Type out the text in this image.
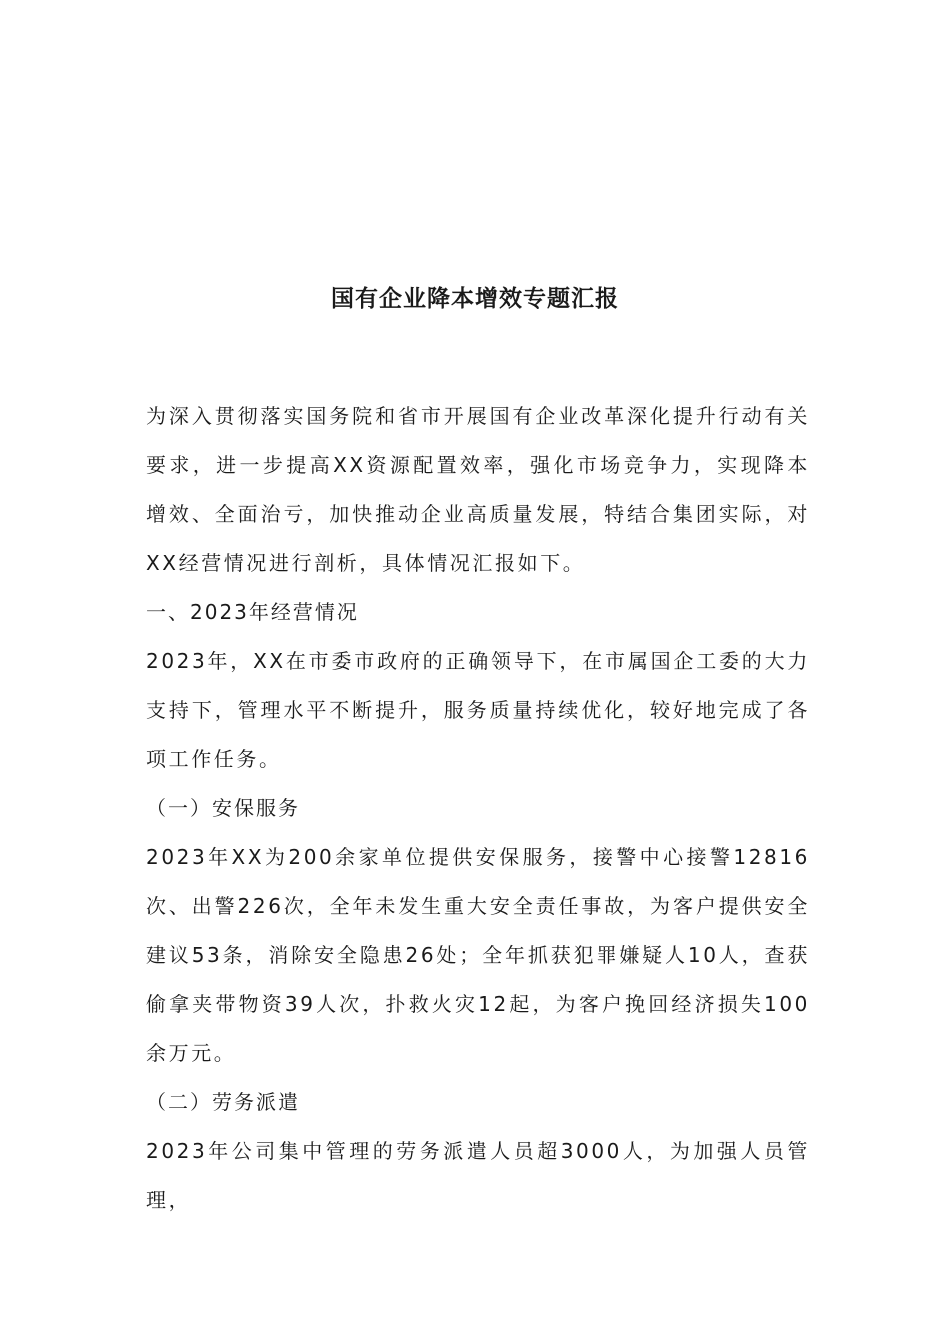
国有企业降本增效专题汇报

为深入贯彻落实国务院和省市开展国有企业改革深化提升行动有关要求，进一步提高XX资源配置效率，强化市场竞争力，实现降本增效、全面治亏，加快推动企业高质量发展，特结合集团实际，对XX经营情况进行剖析，具体情况汇报如下。

一、2023年经营情况

2023年，XX在市委市政府的正确领导下，在市属国企工委的大力支持下，管理水平不断提升，服务质量持续优化，较好地完成了各项工作任务。

（一）安保服务

2023年XX为200余家单位提供安保服务，接警中心接警12816次、出警226次，全年未发生重大安全责任事故，为客户提供安全建议53条，消除安全隐患26处；全年抓获犯罪嫌疑人10人，查获偷拿夹带物资39人次，扑救火灾12起，为客户挽回经济损失100余万元。

（二）劳务派遣

2023年公司集中管理的劳务派遣人员超3000人，为加强人员管理，
